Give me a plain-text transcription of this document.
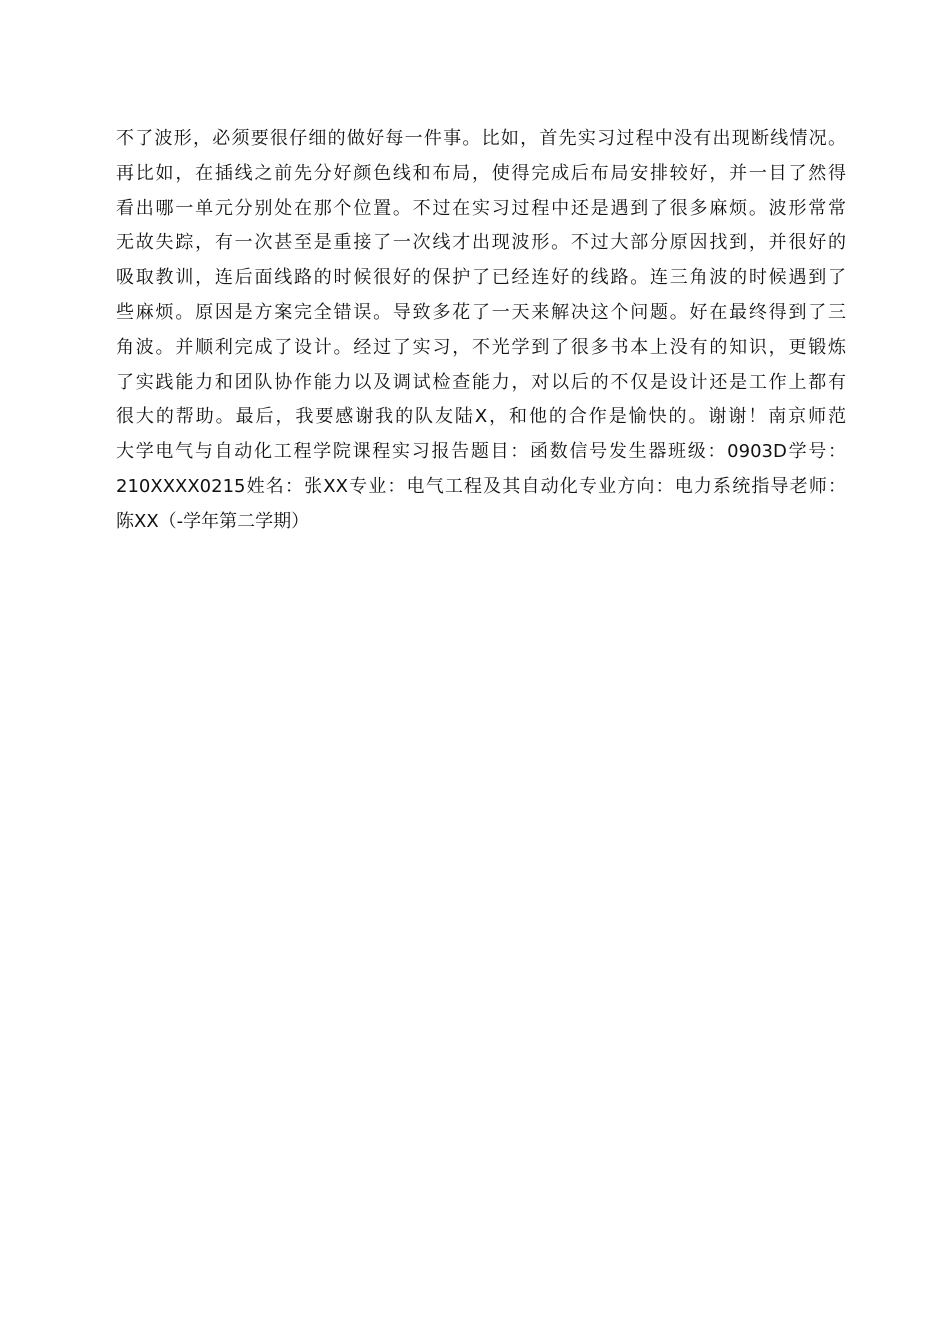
不了波形，必须要很仔细的做好每一件事。比如，首先实习过程中没有出现断线情况。
再比如，在插线之前先分好颜色线和布局，使得完成后布局安排较好，并一目了然得
看出哪一单元分别处在那个位置。不过在实习过程中还是遇到了很多麻烦。波形常常
无故失踪，有一次甚至是重接了一次线才出现波形。不过大部分原因找到，并很好的
吸取教训，连后面线路的时候很好的保护了已经连好的线路。连三角波的时候遇到了
些麻烦。原因是方案完全错误。导致多花了一天来解决这个问题。好在最终得到了三
角波。并顺利完成了设计。经过了实习，不光学到了很多书本上没有的知识，更锻炼
了实践能力和团队协作能力以及调试检查能力，对以后的不仅是设计还是工作上都有
很大的帮助。最后，我要感谢我的队友陆X，和他的合作是愉快的。谢谢！南京师范
大学电气与自动化工程学院课程实习报告题目：函数信号发生器班级：0903D学号：
210XXXX0215姓名：张XX专业：电气工程及其自动化专业方向：电力系统指导老师：
陈XX（-学年第二学期）
